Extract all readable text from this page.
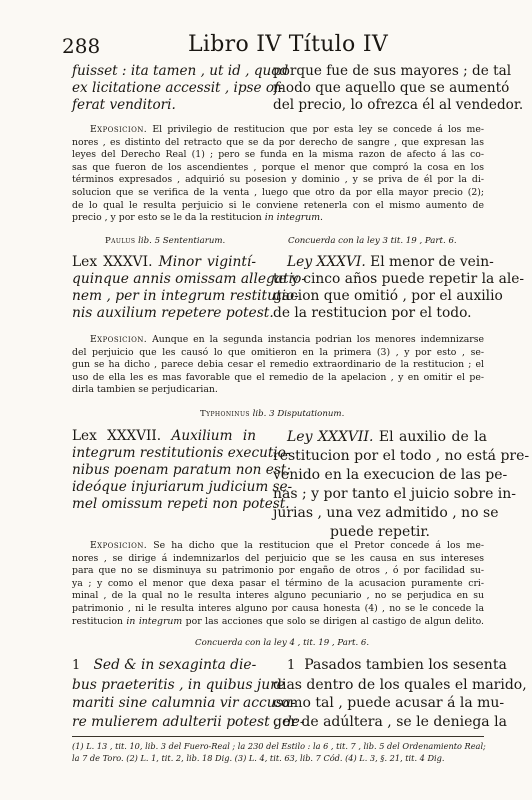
288	Libro IV Título IV
fuisset : ita tamen , ut id , quod
ex licitatione accessit , ipse of-
ferat venditori.
porque fue de sus mayores ; de tal
modo que aquello que se aumentó
del precio, lo ofrezca él al vendedor.
Exposicion. El privilegio de restitucion que por esta ley se concede á los me-
nores , es distinto del retracto que se da por derecho de sangre , que expresan las
leyes del Derecho Real (1) ; pero se funda en la misma razon de afecto á las co-
sas que fueron de los ascendientes , porque el menor que compró la cosa en los
términos expresados , adquirió su posesion y dominio , y se priva de él por la di-
solucion que se verifica de la venta , luego que otro da por ella mayor precio (2);
de lo qual le resulta perjuicio si le conviene retenerla con el mismo aumento de
precio , y por esto se le da la restitucion in integrum.
Paulus lib. 5 Sententiarum.	Concuerda con la ley 3 tit. 19 , Part. 6.
Lex XXXVI. Minor vigintí-
quinque annis omissam allegatio-
nem , per in integrum restitutio-
nis auxilium repetere potest.
Ley XXXVI. El menor de vein-
te y cinco años puede repetir la ale-
gacion que omitió , por el auxilio
de la restitucion por el todo.
Exposicion. Aunque en la segunda instancia podrian los menores indemnizarse
del perjuicio que les causó lo que omitieron en la primera (3) , y por esto , se-
gun se ha dicho , parece debia cesar el remedio extraordinario de la restitucion ; el
uso de ella les es mas favorable que el remedio de la apelacion , y en omitir el pe-
dirla tambien se perjudicarian.
Typhoninus lib. 3 Disputationum.
Lex XXXVII. Auxilium in
integrum restitutionis executio-
nibus poenam paratum non est:
ideóque injuriarum judicium se-
mel omissum repeti non potest.
Ley XXXVII. El auxilio de la
restitucion por el todo , no está pre-
venido en la execucion de las pe-
nas ; y por tanto el juicio sobre in-
jurias , una vez admitido , no se
puede repetir.
Exposicion. Se ha dicho que la restitucion que el Pretor concede á los me-
nores , se dirige á indemnizarlos del perjuicio que se les causa en sus intereses
para que no se disminuya su patrimonio por engaño de otros , ó por facilidad su-
ya ; y como el menor que dexa pasar el término de la acusacion puramente cri-
minal , de la qual no le resulta interes alguno pecuniario , no se perjudica en su
patrimonio , ni le resulta interes alguno por causa honesta (4) , no se le concede la
restitucion in integrum por las acciones que solo se dirigen al castigo de algun delito.
Concuerda con la ley 4 , tit. 19 , Part. 6.
1 Sed & in sexaginta die-
bus praeteritis , in quibus jure
mariti sine calumnia vir accusa-
re mulierem adulterii potest , de-
1 Pasados tambien los sesenta
dias dentro de los quales el marido,
como tal , puede acusar á la mu-
ger de adúltera , se le deniega la
(1) L. 13 , tit. 10, lib. 3 del Fuero-Real ; la 230 del Estilo : la 6 , tit. 7 , lib. 5 del Ordenamiento Real;
la 7 de Toro. (2) L. 1, tit. 2, lib. 18 Dig. (3) L. 4, tit. 63, lib. 7 Cód. (4) L. 3, §. 21, tit. 4 Dig.
